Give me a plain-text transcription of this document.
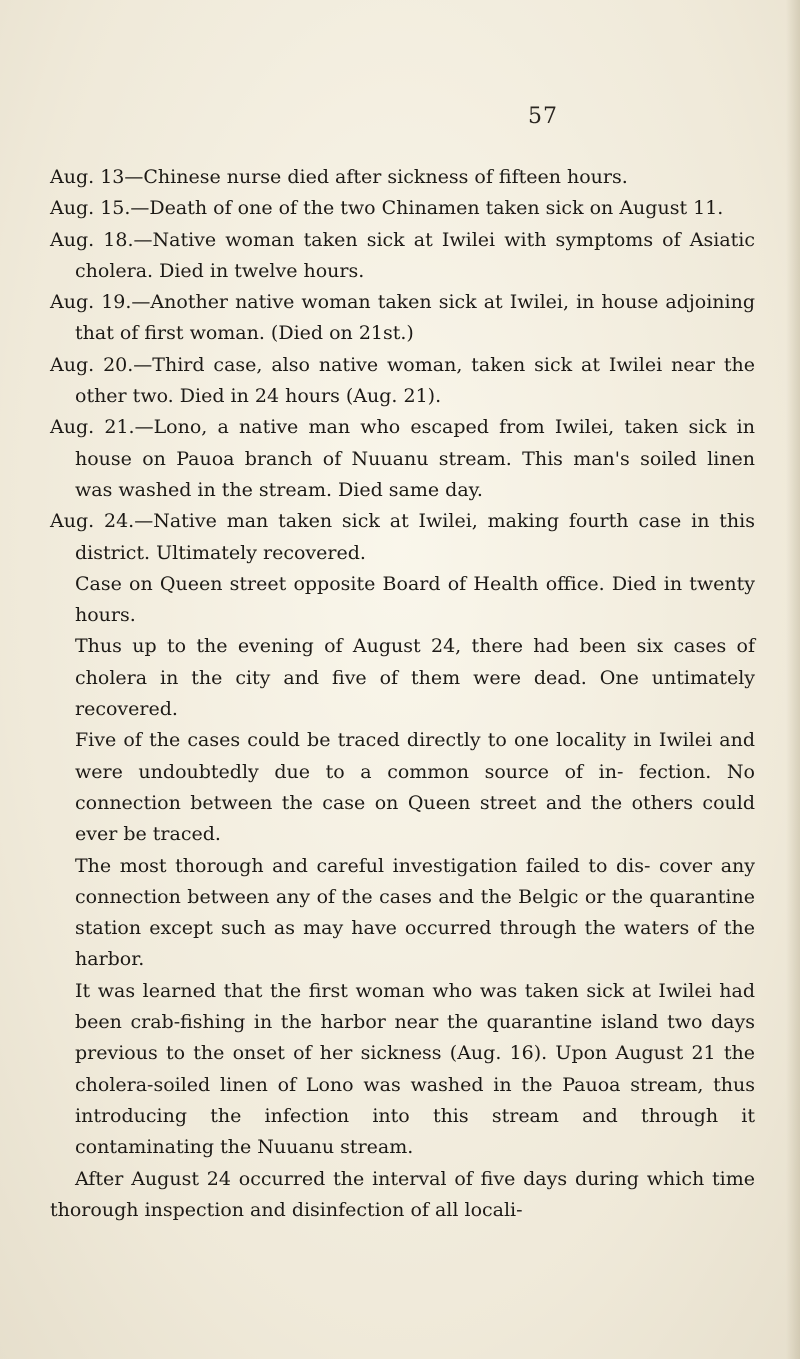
57

Aug. 13—Chinese nurse died after sickness of fifteen hours.

Aug. 15.—Death of one of the two Chinamen taken sick on August 11.

Aug. 18.—Native woman taken sick at Iwilei with symptoms of Asiatic cholera. Died in twelve hours.

Aug. 19.—Another native woman taken sick at Iwilei, in house adjoining that of first woman. (Died on 21st.)

Aug. 20.—Third case, also native woman, taken sick at Iwilei near the other two. Died in 24 hours (Aug. 21).

Aug. 21.—Lono, a native man who escaped from Iwilei, taken sick in house on Pauoa branch of Nuuanu stream. This man's soiled linen was washed in the stream. Died same day.

Aug. 24.—Native man taken sick at Iwilei, making fourth case in this district. Ultimately recovered.

Case on Queen street opposite Board of Health office. Died in twenty hours.

Thus up to the evening of August 24, there had been six cases of cholera in the city and five of them were dead. One untimately recovered.

Five of the cases could be traced directly to one locality in Iwilei and were undoubtedly due to a common source of in- fection. No connection between the case on Queen street and the others could ever be traced.

The most thorough and careful investigation failed to dis- cover any connection between any of the cases and the Belgic or the quarantine station except such as may have occurred through the waters of the harbor.

It was learned that the first woman who was taken sick at Iwilei had been crab-fishing in the harbor near the quarantine island two days previous to the onset of her sickness (Aug. 16). Upon August 21 the cholera-soiled linen of Lono was washed in the Pauoa stream, thus introducing the infection into this stream and through it contaminating the Nuuanu stream.

After August 24 occurred the interval of five days during which time thorough inspection and disinfection of all locali-
